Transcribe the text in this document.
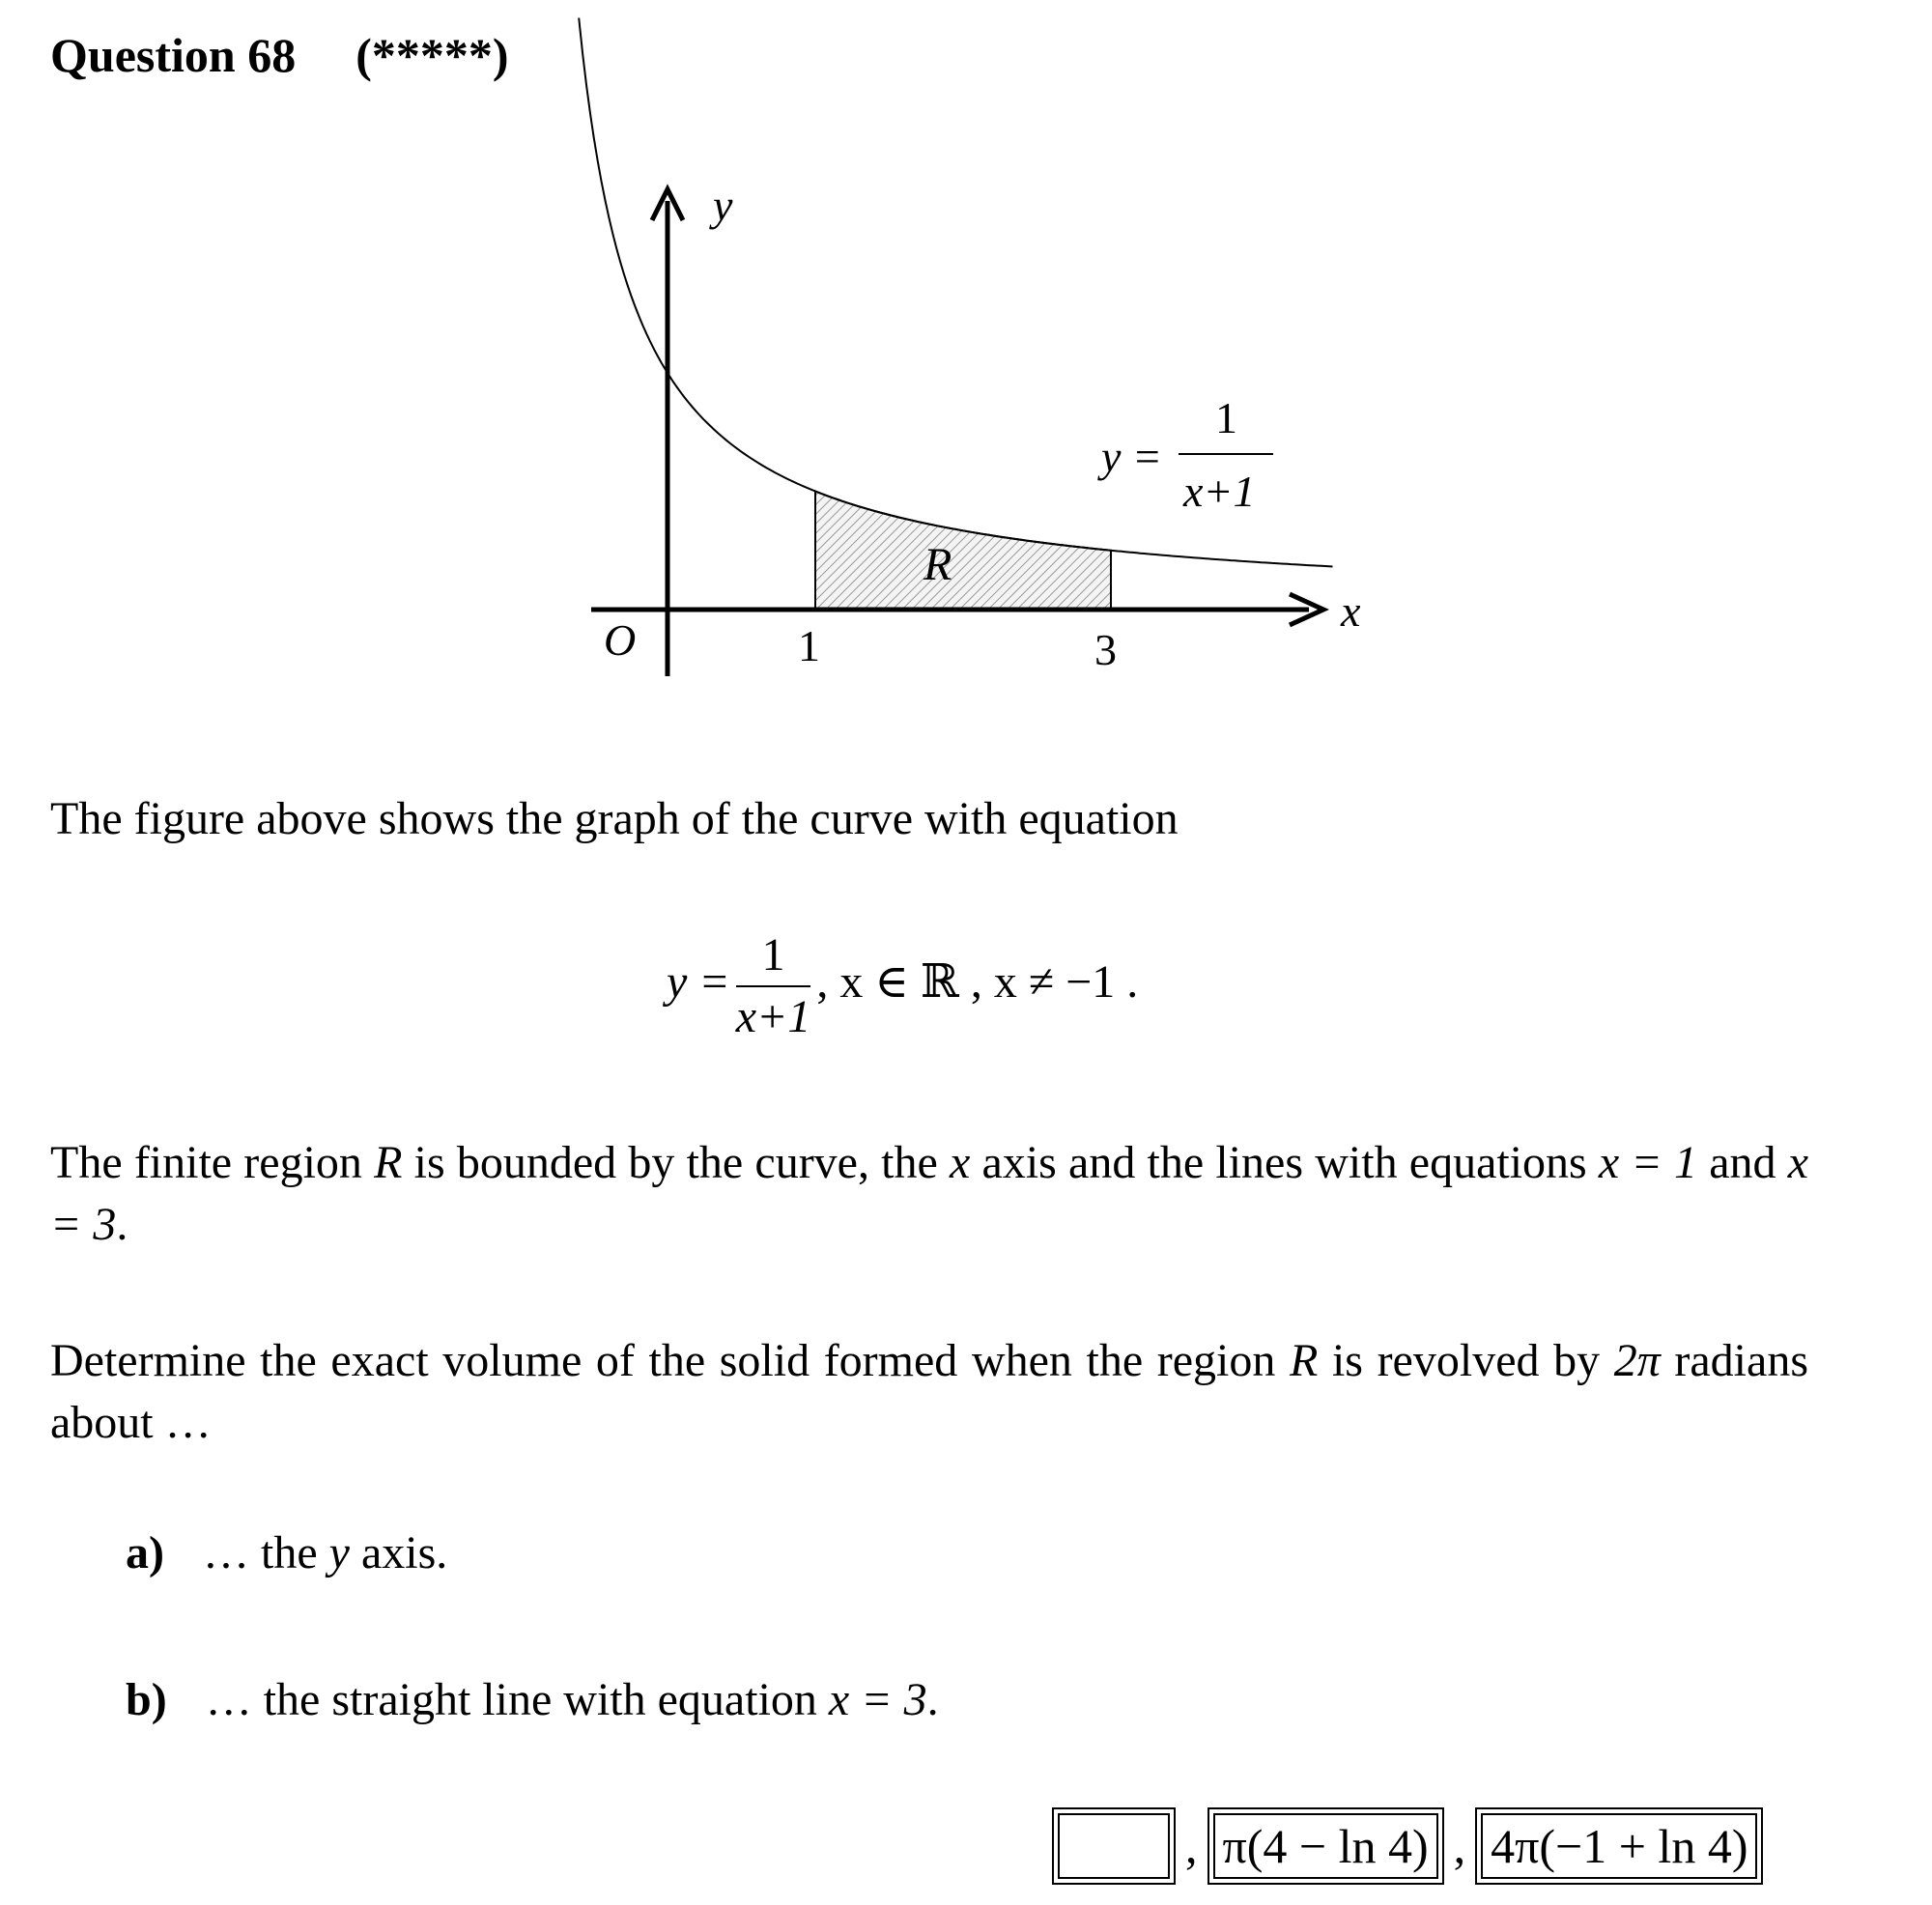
Question 68 (*****)
y
x
O	1	3
R
y =
1
x+1
The figure above shows the graph of the curve with equation
$y = \frac{1}{x+1}$ , x ∈ ℝ , x ≠ −1 .
The finite region R is bounded by the curve, the x axis and the lines with equations x = 1 and x = 3.
Determine the exact volume of the solid formed when the region R is revolved by 2π radians about …
a) … the y axis.
b) … the straight line with equation x = 3.
, π(4 − ln 4) , 4π(−1 + ln 4)
